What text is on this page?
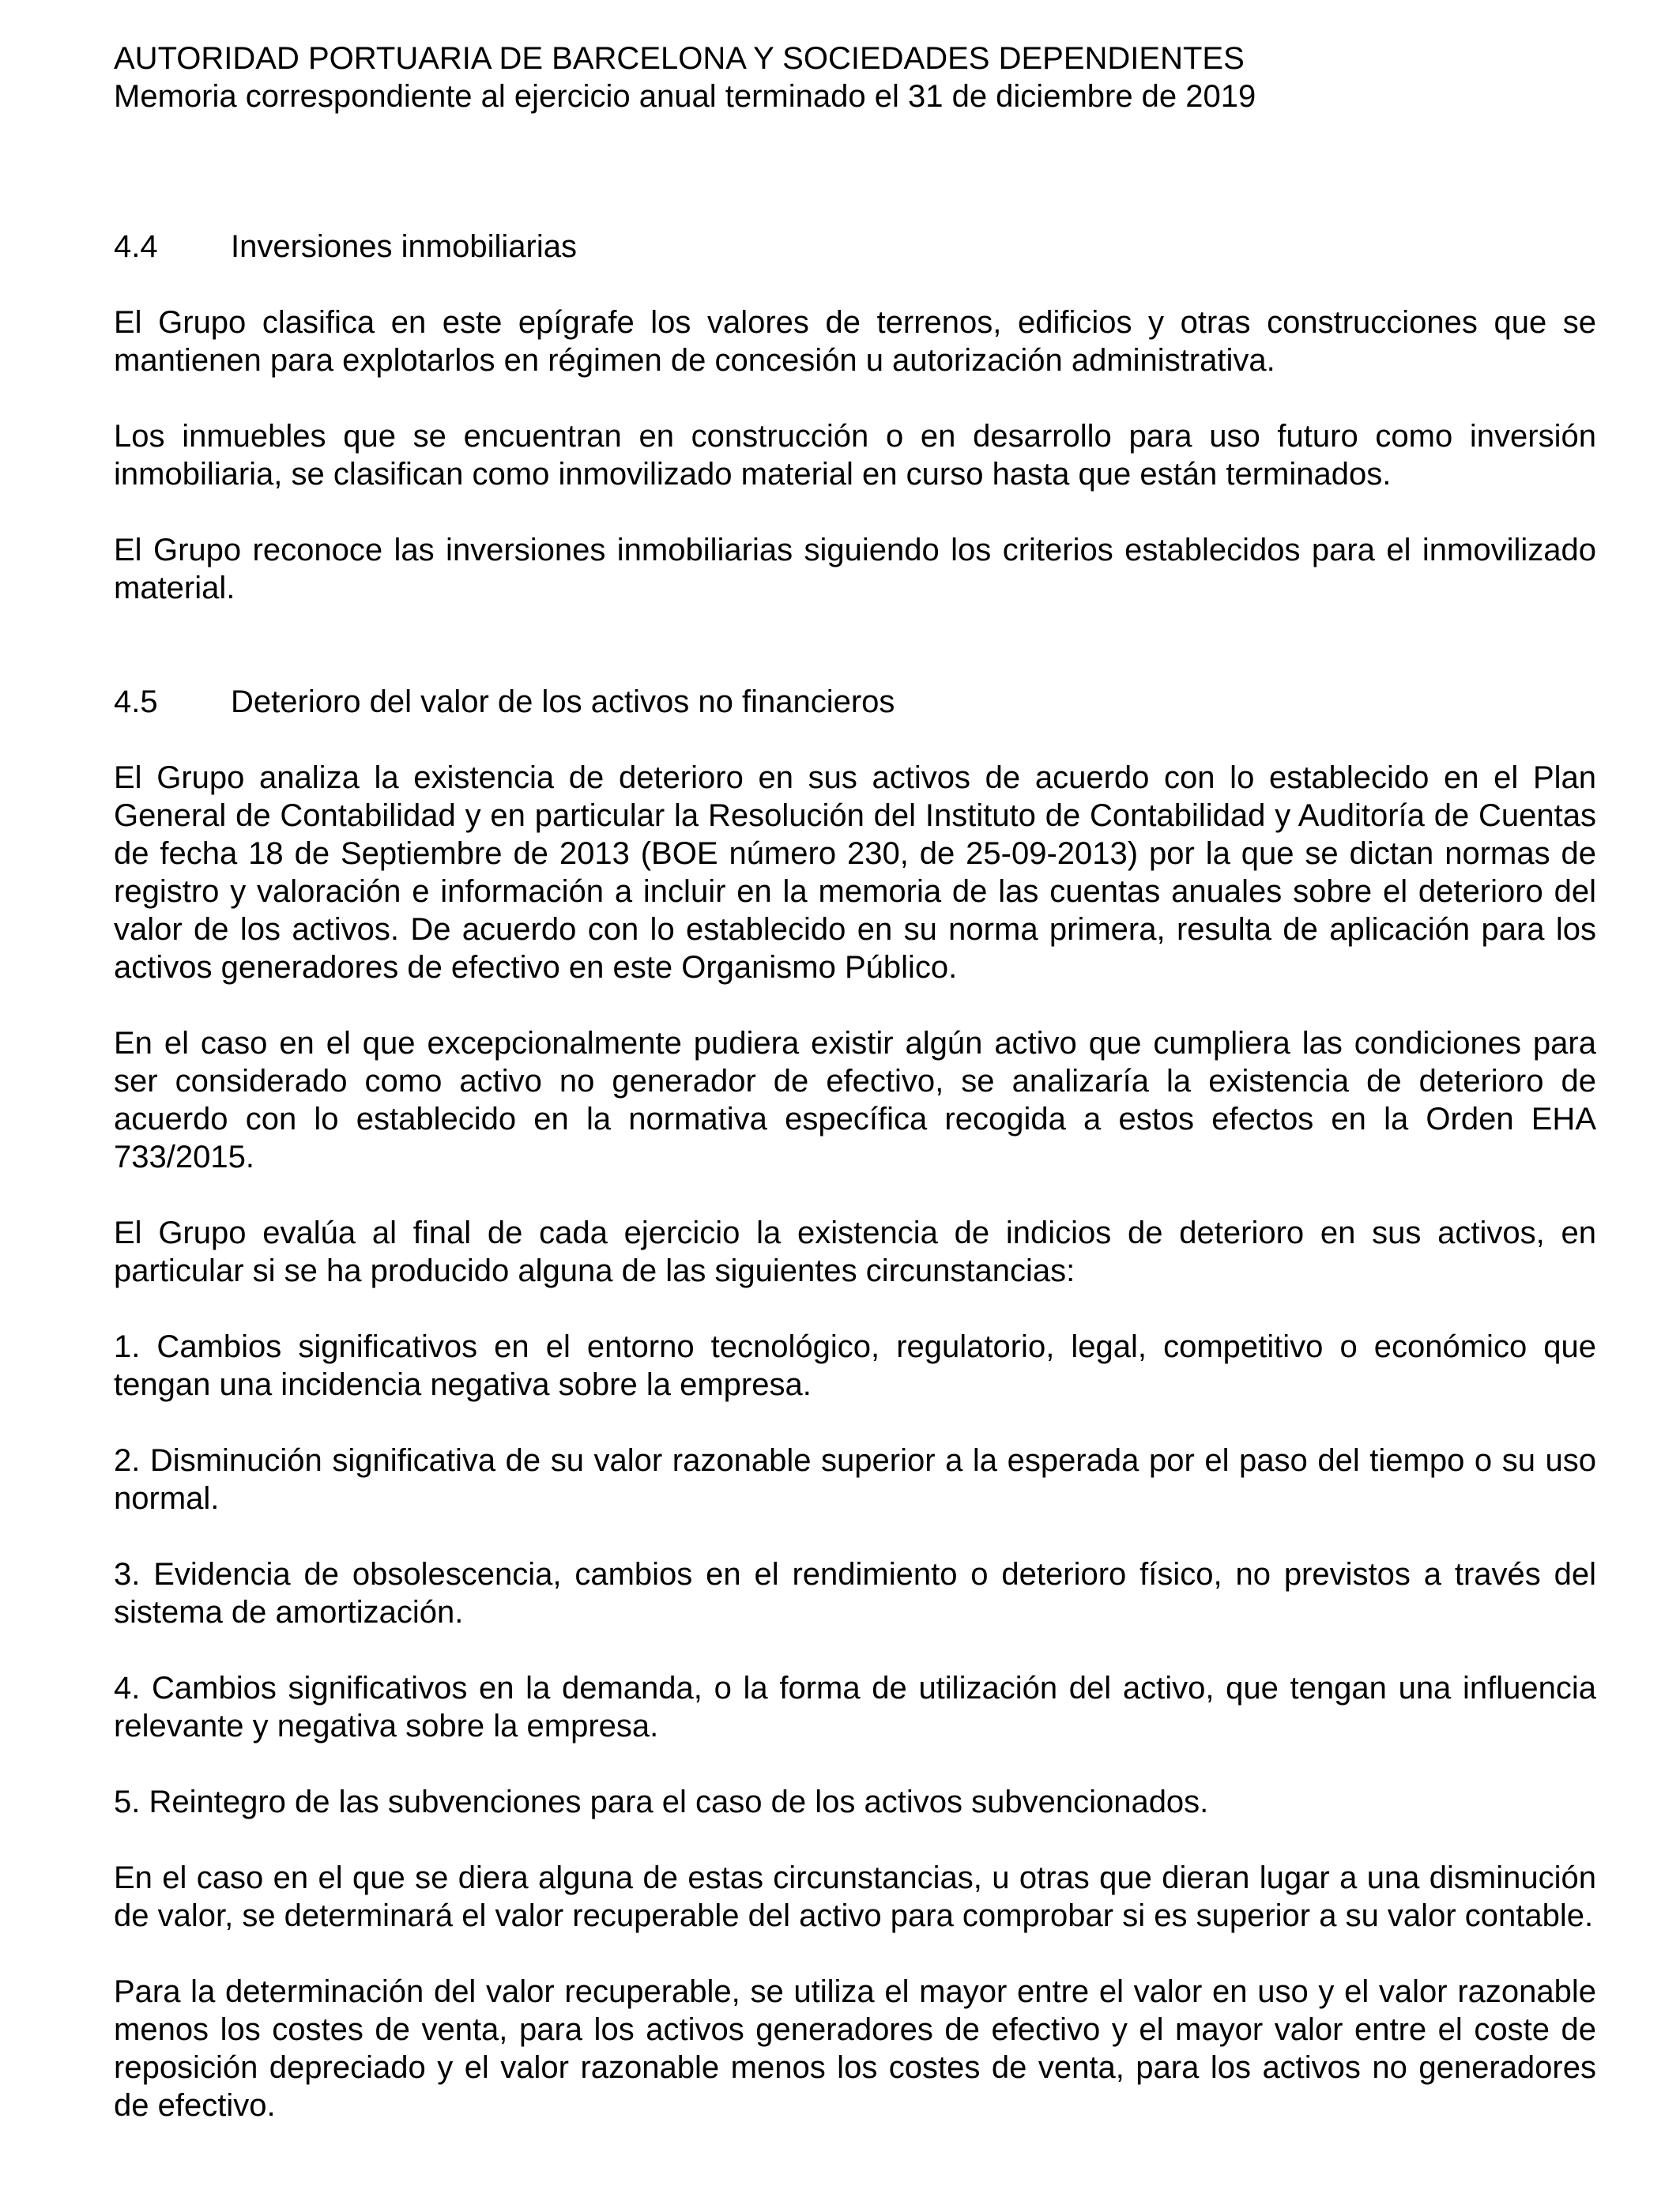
AUTORIDAD PORTUARIA DE BARCELONA Y SOCIEDADES DEPENDIENTES
Memoria correspondiente al ejercicio anual terminado el 31 de diciembre de 2019
4.4	Inversiones inmobiliarias

El Grupo clasifica en este epígrafe los valores de terrenos, edificios y otras construcciones que se mantienen para explotarlos en régimen de concesión u autorización administrativa.

Los inmuebles que se encuentran en construcción o en desarrollo para uso futuro como inversión inmobiliaria, se clasifican como inmovilizado material en curso hasta que están terminados.

El Grupo reconoce las inversiones inmobiliarias siguiendo los criterios establecidos para el inmovilizado material.

4.5	Deterioro del valor de los activos no financieros

El Grupo analiza la existencia de deterioro en sus activos de acuerdo con lo establecido en el Plan General de Contabilidad y en particular la Resolución del Instituto de Contabilidad y Auditoría de Cuentas de fecha 18 de Septiembre de 2013 (BOE número 230, de 25-09-2013) por la que se dictan normas de registro y valoración e información a incluir en la memoria de las cuentas anuales sobre el deterioro del valor de los activos. De acuerdo con lo establecido en su norma primera, resulta de aplicación para los activos generadores de efectivo en este Organismo Público.

En el caso en el que excepcionalmente pudiera existir algún activo que cumpliera las condiciones para ser considerado como activo no generador de efectivo, se analizaría la existencia de deterioro de acuerdo con lo establecido en la normativa específica recogida a estos efectos en la Orden EHA 733/2015.

El Grupo evalúa al final de cada ejercicio la existencia de indicios de deterioro en sus activos, en particular si se ha producido alguna de las siguientes circunstancias:

1. Cambios significativos en el entorno tecnológico, regulatorio, legal, competitivo o económico que tengan una incidencia negativa sobre la empresa.

2. Disminución significativa de su valor razonable superior a la esperada por el paso del tiempo o su uso normal.

3. Evidencia de obsolescencia, cambios en el rendimiento o deterioro físico, no previstos a través del sistema de amortización.

4. Cambios significativos en la demanda, o la forma de utilización del activo, que tengan una influencia relevante y negativa sobre la empresa.

5. Reintegro de las subvenciones para el caso de los activos subvencionados.

En el caso en el que se diera alguna de estas circunstancias, u otras que dieran lugar a una disminución de valor, se determinará el valor recuperable del activo para comprobar si es superior a su valor contable.

Para la determinación del valor recuperable, se utiliza el mayor entre el valor en uso y el valor razonable menos los costes de venta, para los activos generadores de efectivo y el mayor valor entre el coste de reposición depreciado y el valor razonable menos los costes de venta, para los activos no generadores de efectivo.
